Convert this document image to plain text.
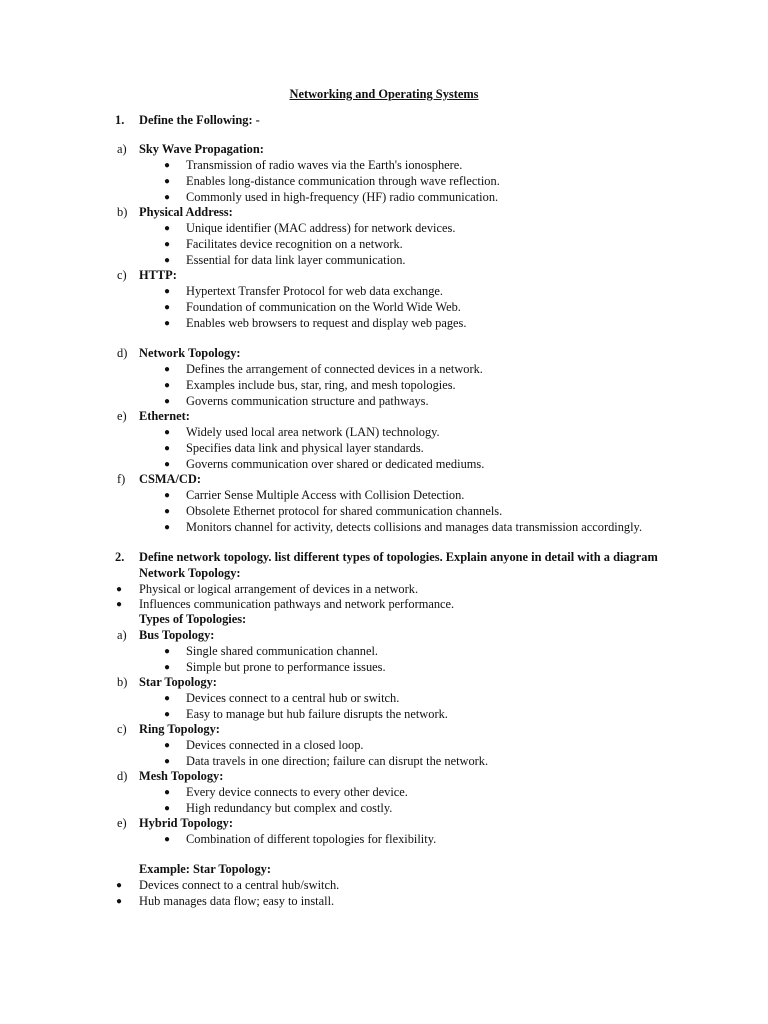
Networking and Operating Systems
1. Define the Following: -
a) Sky Wave Propagation:
● Transmission of radio waves via the Earth's ionosphere.
● Enables long-distance communication through wave reflection.
● Commonly used in high-frequency (HF) radio communication.
b) Physical Address:
● Unique identifier (MAC address) for network devices.
● Facilitates device recognition on a network.
● Essential for data link layer communication.
c) HTTP:
● Hypertext Transfer Protocol for web data exchange.
● Foundation of communication on the World Wide Web.
● Enables web browsers to request and display web pages.
d) Network Topology:
● Defines the arrangement of connected devices in a network.
● Examples include bus, star, ring, and mesh topologies.
● Governs communication structure and pathways.
e) Ethernet:
● Widely used local area network (LAN) technology.
● Specifies data link and physical layer standards.
● Governs communication over shared or dedicated mediums.
f) CSMA/CD:
● Carrier Sense Multiple Access with Collision Detection.
● Obsolete Ethernet protocol for shared communication channels.
● Monitors channel for activity, detects collisions and manages data transmission accordingly.
2. Define network topology. list different types of topologies. Explain anyone in detail with a diagram
Network Topology:
● Physical or logical arrangement of devices in a network.
● Influences communication pathways and network performance.
Types of Topologies:
a) Bus Topology:
● Single shared communication channel.
● Simple but prone to performance issues.
b) Star Topology:
● Devices connect to a central hub or switch.
● Easy to manage but hub failure disrupts the network.
c) Ring Topology:
● Devices connected in a closed loop.
● Data travels in one direction; failure can disrupt the network.
d) Mesh Topology:
● Every device connects to every other device.
● High redundancy but complex and costly.
e) Hybrid Topology:
● Combination of different topologies for flexibility.
Example: Star Topology:
● Devices connect to a central hub/switch.
● Hub manages data flow; easy to install.
